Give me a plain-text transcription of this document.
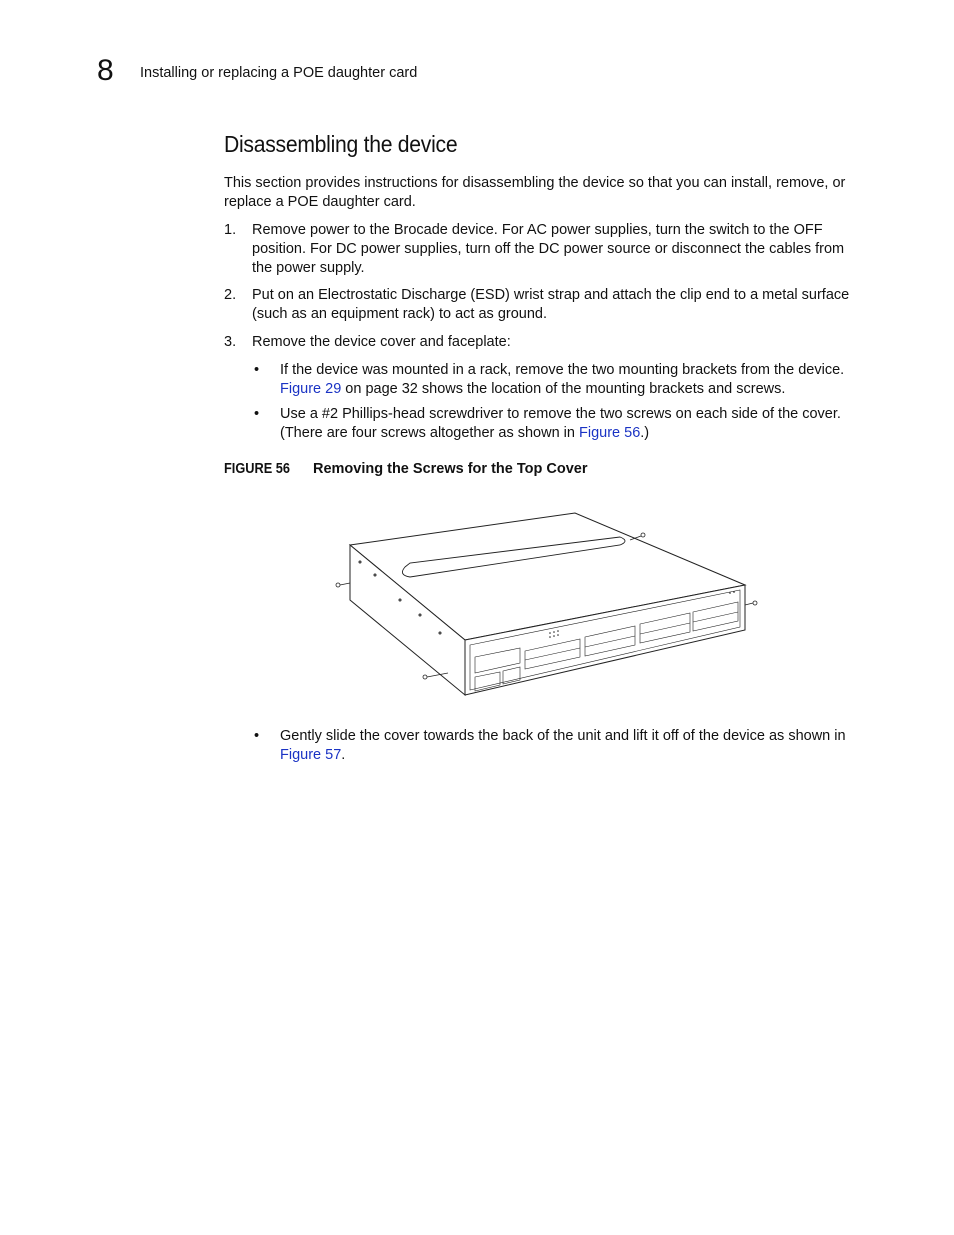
8 Installing or replacing a POE daughter card
Disassembling the device
This section provides instructions for disassembling the device so that you can install, remove, or replace a POE daughter card.
1. Remove power to the Brocade device. For AC power supplies, turn the switch to the OFF position. For DC power supplies, turn off the DC power source or disconnect the cables from the power supply.
2. Put on an Electrostatic Discharge (ESD) wrist strap and attach the clip end to a metal surface (such as an equipment rack) to act as ground.
3. Remove the device cover and faceplate:
• If the device was mounted in a rack, remove the two mounting brackets from the device.
Figure 29 on page 32 shows the location of the mounting brackets and screws.
• Use a #2 Phillips-head screwdriver to remove the two screws on each side of the cover. (There are four screws altogether as shown in Figure 56.)
FIGURE 56 Removing the Screws for the Top Cover
• Gently slide the cover towards the back of the unit and lift it off of the device as shown in Figure 57.
